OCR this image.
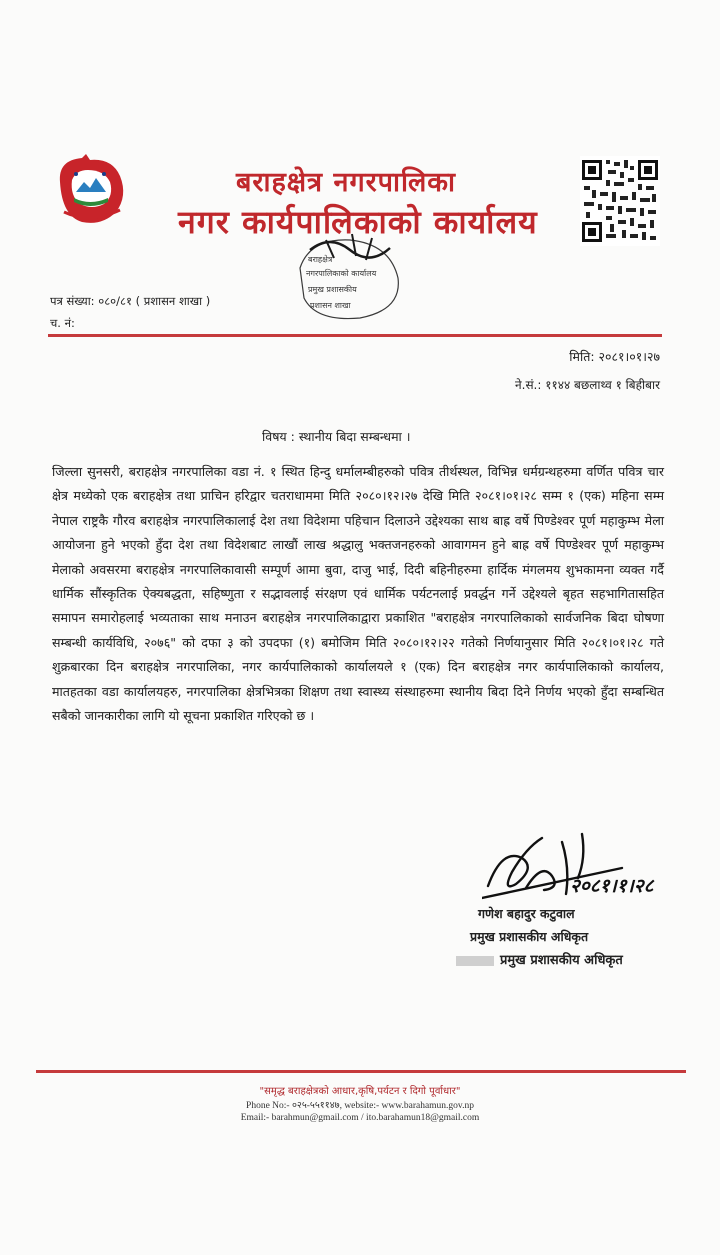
बराहक्षेत्र नगरपालिका
नगर कार्यपालिकाको कार्यालय
बराहक्षेत्र
नगरपालिकाको कार्यालय
प्रमुख प्रशासकीय
प्रशासन शाखा
पत्र संख्या: ०८०/८१ ( प्रशासन शाखा )
च. नं:
मिति: २०८१।०१।२७
ने.सं.: ११४४ बछलाथ्व १ बिहीबार
विषय : स्थानीय बिदा सम्बन्धमा ।
जिल्ला सुनसरी, बराहक्षेत्र नगरपालिका वडा नं. १ स्थित हिन्दु धर्मालम्बीहरुको पवित्र तीर्थस्थल, विभिन्न धर्मग्रन्थहरुमा वर्णित पवित्र चार क्षेत्र मध्येको एक बराहक्षेत्र तथा प्राचिन हरिद्वार चतराधाममा मिति २०८०।१२।२७ देखि मिति २०८१।०१।२८ सम्म १ (एक) महिना सम्म नेपाल राष्ट्रकै गौरव बराहक्षेत्र नगरपालिकालाई देश तथा विदेशमा पहिचान दिलाउने उद्देश्यका साथ बाह्र वर्षे पिण्डेश्वर पूर्ण महाकुम्भ मेला आयोजना हुने भएको हुँदा देश तथा विदेशबाट लाखौं लाख श्रद्धालु भक्तजनहरुको आवागमन हुने बाह्र वर्षे पिण्डेश्वर पूर्ण महाकुम्भ मेलाको अवसरमा बराहक्षेत्र नगरपालिकावासी सम्पूर्ण आमा बुवा, दाजु भाई, दिदी बहिनीहरुमा हार्दिक मंगलमय शुभकामना व्यक्त गर्दै धार्मिक सौंस्कृतिक ऐक्यबद्धता, सहिष्णुता र सद्भावलाई संरक्षण एवं धार्मिक पर्यटनलाई प्रवर्द्धन गर्ने उद्देश्यले बृहत सहभागितासहित समापन समारोहलाई भव्यताका साथ मनाउन बराहक्षेत्र नगरपालिकाद्वारा प्रकाशित "बराहक्षेत्र नगरपालिकाको सार्वजनिक बिदा घोषणा सम्बन्धी कार्यविधि, २०७६" को दफा ३ को उपदफा (१) बमोजिम मिति २०८०।१२।२२ गतेको निर्णयानुसार मिति २०८१।०१।२८ गते शुक्रबारका दिन बराहक्षेत्र नगरपालिका, नगर कार्यपालिकाको कार्यालयले १ (एक) दिन बराहक्षेत्र नगर कार्यपालिकाको कार्यालय, मातहतका वडा कार्यालयहरु, नगरपालिका क्षेत्रभित्रका शिक्षण तथा स्वास्थ्य संस्थाहरुमा स्थानीय बिदा दिने निर्णय भएको हुँदा सम्बन्धित सबैको जानकारीका लागि यो सूचना प्रकाशित गरिएको छ ।
२०८१।१।२८
गणेश बहादुर कटुवाल
प्रमुख प्रशासकीय अधिकृत
प्रमुख प्रशासकीय अधिकृत
"समृद्ध बराहक्षेत्रको आधार,कृषि,पर्यटन र दिगो पूर्वाधार"
Phone No:- ०२५-५५११४७, website:- www.barahamun.gov.np
Email:- barahmun@gmail.com / ito.barahamun18@gmail.com
